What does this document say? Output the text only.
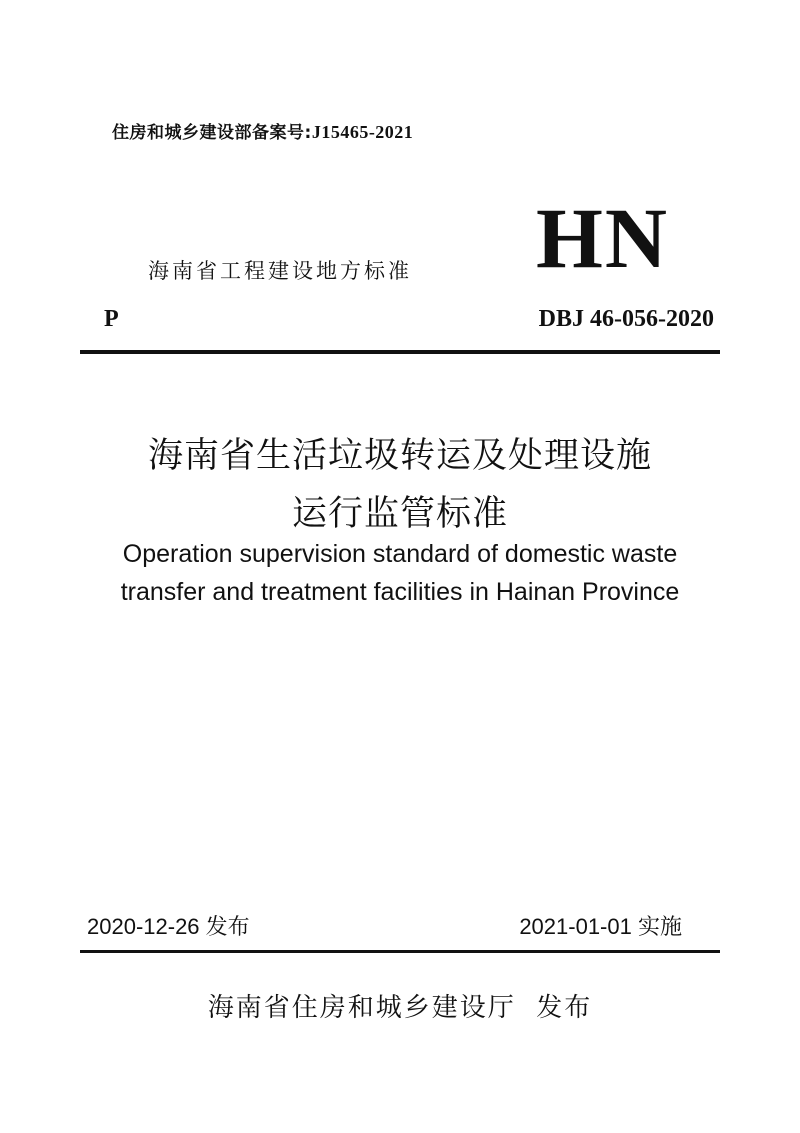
住房和城乡建设部备案号:J15465-2021
海南省工程建设地方标准 HN
P	DBJ 46-056-2020
海南省生活垃圾转运及处理设施
运行监管标准
Operation supervision standard of domestic waste
transfer and treatment facilities in Hainan Province
2020-12-26 发布	2021-01-01 实施
海南省住房和城乡建设厅 发布
